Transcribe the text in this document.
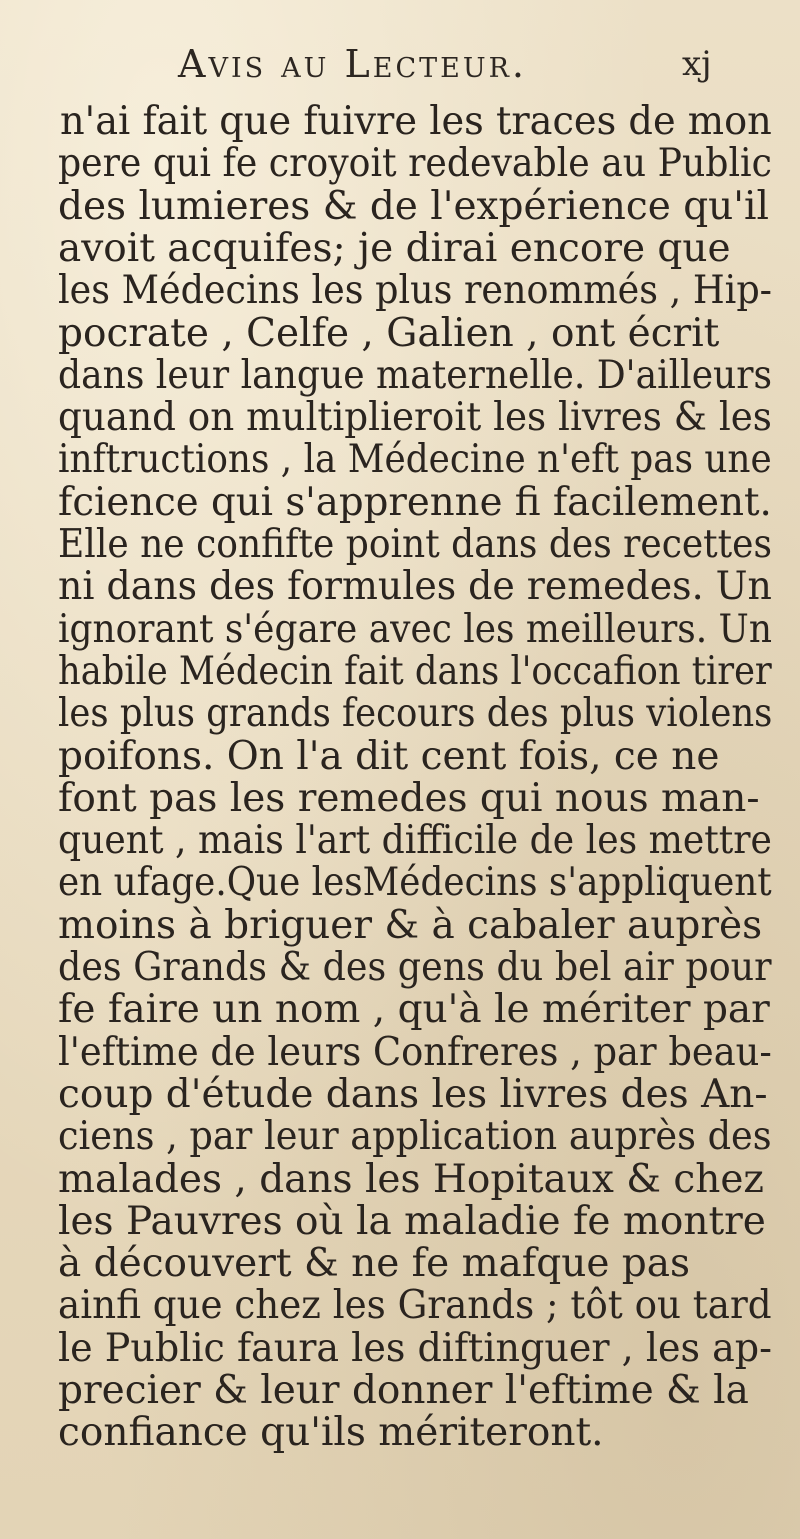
Avis au Lecteur.	xj
n'ai fait que fuivre les traces de mon
pere qui fe croyoit redevable au Public
des lumieres & de l'expérience qu'il
avoit acquifes; je dirai encore que
les Médecins les plus renommés , Hip-
pocrate , Celfe , Galien , ont écrit
dans leur langue maternelle. D'ailleurs
quand on multiplieroit les livres & les
inftructions , la Médecine n'eft pas une
fcience qui s'apprenne fi facilement.
Elle ne confifte point dans des recettes
ni dans des formules de remedes. Un
ignorant s'égare avec les meilleurs. Un
habile Médecin fait dans l'occafion tirer
les plus grands fecours des plus violens
poifons. On l'a dit cent fois, ce ne
font pas les remedes qui nous man-
quent , mais l'art difficile de les mettre
en ufage.Que lesMédecins s'appliquent
moins à briguer & à cabaler auprès
des Grands & des gens du bel air pour
fe faire un nom , qu'à le mériter par
l'eftime de leurs Confreres , par beau-
coup d'étude dans les livres des An-
ciens , par leur application auprès des
malades , dans les Hopitaux & chez
les Pauvres où la maladie fe montre
à découvert & ne fe mafque pas
ainfi que chez les Grands ; tôt ou tard
le Public faura les diftinguer , les ap-
precier & leur donner l'eftime & la
confiance qu'ils mériteront.
